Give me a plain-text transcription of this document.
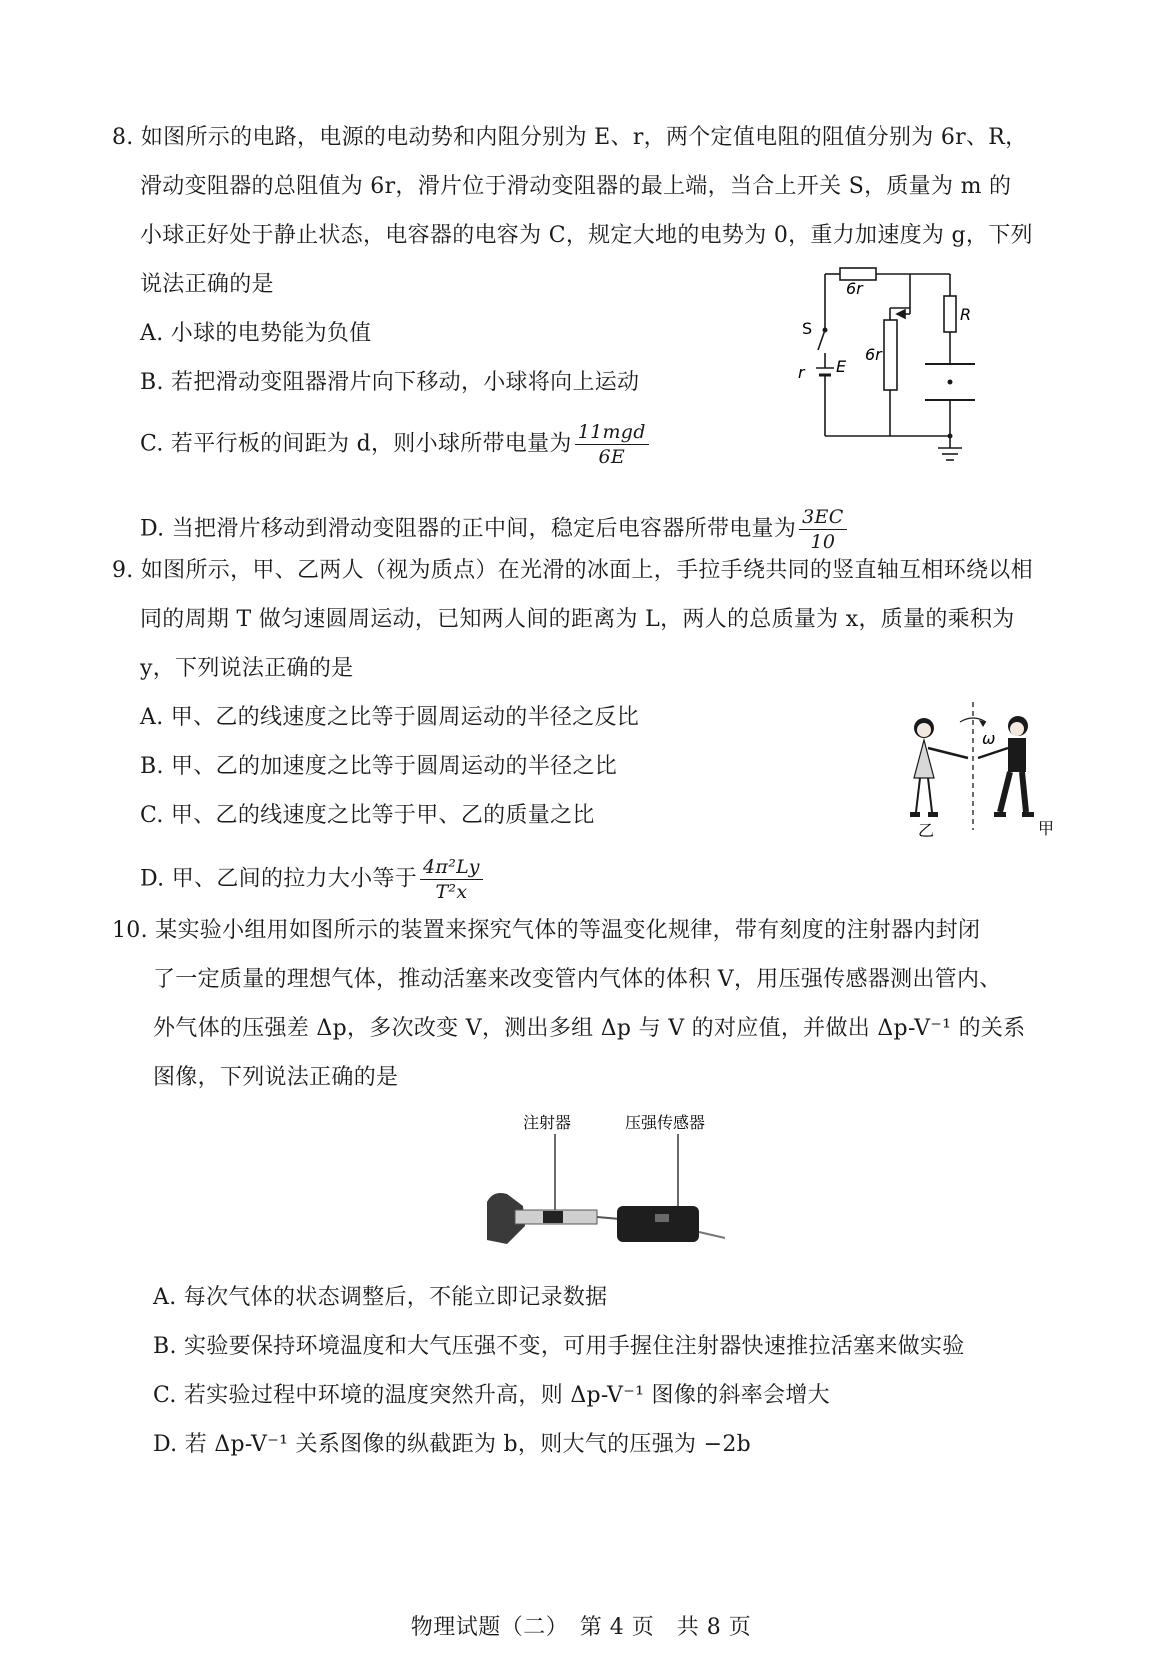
8. 如图所示的电路，电源的电动势和内阻分别为 E、r，两个定值电阻的阻值分别为 6r、R，
滑动变阻器的总阻值为 6r，滑片位于滑动变阻器的最上端，当合上开关 S，质量为 m 的
小球正好处于静止状态，电容器的电容为 C，规定大地的电势为 0，重力加速度为 g，下列
说法正确的是
A. 小球的电势能为负值
B. 若把滑动变阻器滑片向下移动，小球将向上运动
C. 若平行板的间距为 d，则小球所带电量为 $\frac{\text{11mgd}}{6E}$
D. 当把滑片移动到滑动变阻器的正中间，稳定后电容器所带电量为 $\frac{3EC}{10}$
6r
6r
R
S
r E
9. 如图所示，甲、乙两人（视为质点）在光滑的冰面上，手拉手绕共同的竖直轴互相环绕以相
同的周期 T 做匀速圆周运动，已知两人间的距离为 L，两人的总质量为 x，质量的乘积为
y，下列说法正确的是
A. 甲、乙的线速度之比等于圆周运动的半径之反比
B. 甲、乙的加速度之比等于圆周运动的半径之比
C. 甲、乙的线速度之比等于甲、乙的质量之比
D. 甲、乙间的拉力大小等于 $\frac{\text{4π²Ly}}{\text{T²x}}$
ω
乙	甲
10. 某实验小组用如图所示的装置来探究气体的等温变化规律，带有刻度的注射器内封闭
了一定质量的理想气体，推动活塞来改变管内气体的体积 V，用压强传感器测出管内、
外气体的压强差 Δp，多次改变 V，测出多组 Δp 与 V 的对应值，并做出 Δp-V⁻¹ 的关系
图像，下列说法正确的是
注射器	压强传感器
A. 每次气体的状态调整后，不能立即记录数据
B. 实验要保持环境温度和大气压强不变，可用手握住注射器快速推拉活塞来做实验
C. 若实验过程中环境的温度突然升高，则 Δp-V⁻¹ 图像的斜率会增大
D. 若 Δp-V⁻¹ 关系图像的纵截距为 b，则大气的压强为 −2b
物理试题（二）　第 4 页　共 8 页
